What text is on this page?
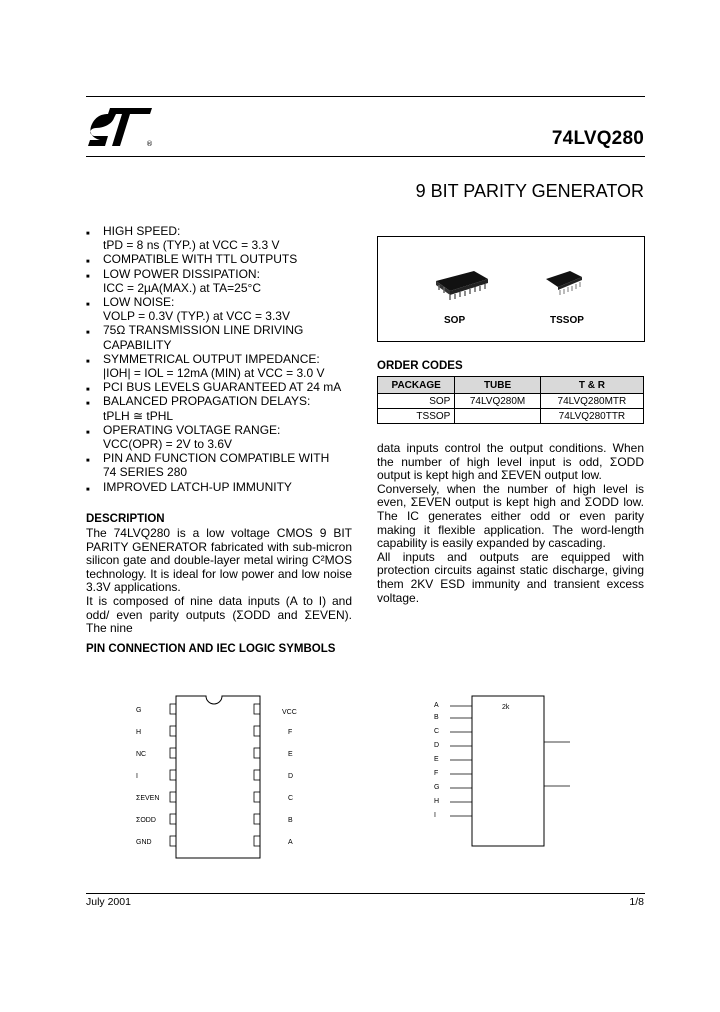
®	74LVQ280
9 BIT PARITY GENERATOR
■ HIGH SPEED:
tPD = 8 ns (TYP.) at VCC = 3.3 V
■ COMPATIBLE WITH TTL OUTPUTS
■ LOW POWER DISSIPATION:
ICC = 2µA(MAX.) at TA=25°C
■ LOW NOISE:
VOLP = 0.3V (TYP.) at VCC = 3.3V
■ 75Ω TRANSMISSION LINE DRIVING
CAPABILITY
■ SYMMETRICAL OUTPUT IMPEDANCE:
|IOH| = IOL = 12mA (MIN) at VCC = 3.0 V
■ PCI BUS LEVELS GUARANTEED AT 24 mA
■ BALANCED PROPAGATION DELAYS:
tPLH ≅ tPHL
■ OPERATING VOLTAGE RANGE:
VCC(OPR) = 2V to 3.6V
■ PIN AND FUNCTION COMPATIBLE WITH
74 SERIES 280
■ IMPROVED LATCH-UP IMMUNITY
SOP	TSSOP
ORDER CODES
PACKAGE	TUBE	T & R
SOP	74LVQ280M	74LVQ280MTR
TSSOP		74LVQ280TTR
DESCRIPTION

The 74LVQ280 is a low voltage CMOS 9 BIT PARITY GENERATOR fabricated with sub-micron silicon gate and double-layer metal wiring C²MOS technology. It is ideal for low power and low noise 3.3V applications.

It is composed of nine data inputs (A to I) and odd/ even parity outputs (ΣODD and ΣEVEN). The nine

data inputs control the output conditions. When the number of high level input is odd, ΣODD output is kept high and ΣEVEN output low.

Conversely, when the number of high level is even, ΣEVEN output is kept high and ΣODD low. The IC generates either odd or even parity making it flexible application. The word-length capability is easily expanded by cascading.

All inputs and outputs are equipped with protection circuits against static discharge, giving them 2KV ESD immunity and transient excess voltage.

PIN CONNECTION AND IEC LOGIC SYMBOLS
G
H
NC
I
ΣEVEN
ΣODD
GND
VCC
F
E
D
C
B
A
A
B
C
D
E
F
G
H
I
2k
July 2001	1/8
